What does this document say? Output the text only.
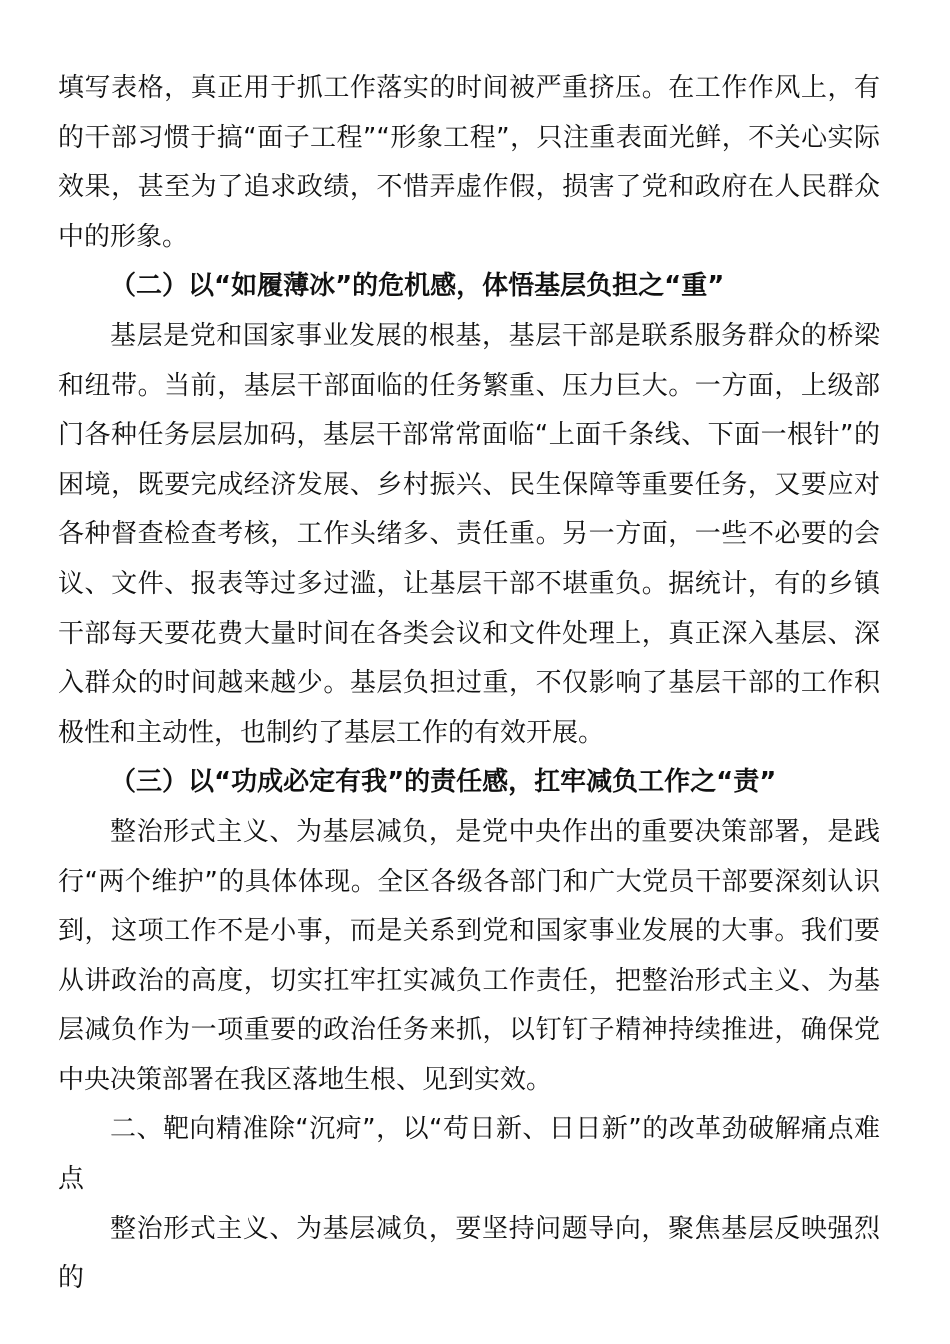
填写表格，真正用于抓工作落实的时间被严重挤压。在工作作风上，有的干部习惯于搞“面子工程”“形象工程”，只注重表面光鲜，不关心实际效果，甚至为了追求政绩，不惜弄虚作假，损害了党和政府在人民群众中的形象。

（二）以“如履薄冰”的危机感，体悟基层负担之“重”

基层是党和国家事业发展的根基，基层干部是联系服务群众的桥梁和纽带。当前，基层干部面临的任务繁重、压力巨大。一方面，上级部门各种任务层层加码，基层干部常常面临“上面千条线、下面一根针”的困境，既要完成经济发展、乡村振兴、民生保障等重要任务，又要应对各种督查检查考核，工作头绪多、责任重。另一方面，一些不必要的会议、文件、报表等过多过滥，让基层干部不堪重负。据统计，有的乡镇干部每天要花费大量时间在各类会议和文件处理上，真正深入基层、深入群众的时间越来越少。基层负担过重，不仅影响了基层干部的工作积极性和主动性，也制约了基层工作的有效开展。

（三）以“功成必定有我”的责任感，扛牢减负工作之“责”

整治形式主义、为基层减负，是党中央作出的重要决策部署，是践行“两个维护”的具体体现。全区各级各部门和广大党员干部要深刻认识到，这项工作不是小事，而是关系到党和国家事业发展的大事。我们要从讲政治的高度，切实扛牢扛实减负工作责任，把整治形式主义、为基层减负作为一项重要的政治任务来抓，以钉钉子精神持续推进，确保党中央决策部署在我区落地生根、见到实效。

二、靶向精准除“沉疴”，以“苟日新、日日新”的改革劲破解痛点难点

整治形式主义、为基层减负，要坚持问题导向，聚焦基层反映强烈的
